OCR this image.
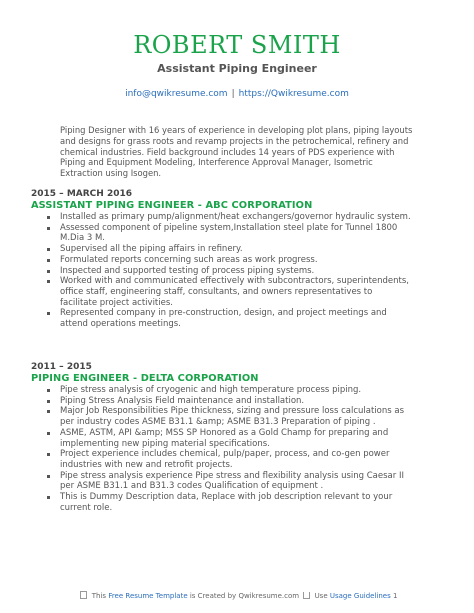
ROBERT SMITH
Assistant Piping Engineer
info@qwikresume.com | https://Qwikresume.com
Piping Designer with 16 years of experience in developing plot plans, piping layouts and designs for grass roots and revamp projects in the petrochemical, refinery and chemical industries. Field background includes 14 years of PDS experience with Piping and Equipment Modeling, Interference Approval Manager, Isometric Extraction using Isogen.
2015 – MARCH 2016
ASSISTANT PIPING ENGINEER - ABC CORPORATION
Installed as primary pump/alignment/heat exchangers/governor hydraulic system.
Assessed component of pipeline system,Installation steel plate for Tunnel 1800 M.Dia 3 M.
Supervised all the piping affairs in refinery.
Formulated reports concerning such areas as work progress.
Inspected and supported testing of process piping systems.
Worked with and communicated effectively with subcontractors, superintendents, office staff, engineering staff, consultants, and owners representatives to facilitate project activities.
Represented company in pre-construction, design, and project meetings and attend operations meetings.
2011 – 2015
PIPING ENGINEER - DELTA CORPORATION
Pipe stress analysis of cryogenic and high temperature process piping.
Piping Stress Analysis Field maintenance and installation.
Major Job Responsibilities Pipe thickness, sizing and pressure loss calculations as per industry codes ASME B31.1 &amp; ASME B31.3 Preparation of piping .
ASME, ASTM, API &amp; MSS SP Honored as a Gold Champ for preparing and implementing new piping material specifications.
Project experience includes chemical, pulp/paper, process, and co-gen power industries with new and retrofit projects.
Pipe stress analysis experience Pipe stress and flexibility analysis using Caesar II per ASME B31.1 and B31.3 codes Qualification of equipment .
This is Dummy Description data, Replace with job description relevant to your current role.
This Free Resume Template is Created by Qwikresume.com Use Usage Guidelines 1
